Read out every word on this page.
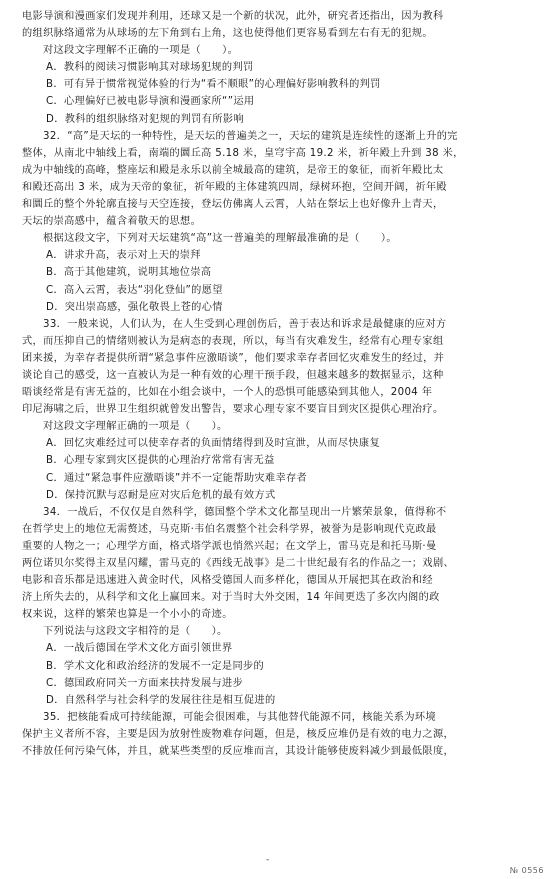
电影导演和漫画家们发现并利用，还球又是一个新的状况，此外，研究者还指出，因为教科
的组织脉络通常为从球场的左下角到右上角，这也使得他们更容易看到左右有无的犯规。
对这段文字理解不正确的一项是（　　）。
A．教科的阅读习惯影响其对球场犯规的判罚
B．可有异于惯常视觉体验的行为“看不顺眼”的心理偏好影响教科的判罚
C．心理偏好已被电影导演和漫画家所“”运用
D．教科的组织脉络对犯规的判罚有所影响
32．“高”是天坛的一种特性，是天坛的普遍美之一，天坛的建筑是连续性的逐渐上升的完
整体，从南北中轴线上看，南端的圜丘高 5.18 米，皇穹宇高 19.2 米，祈年殿上升到 38 米，
成为中轴线的高峰，整座坛和殿是永乐以前全城最高的建筑，是帝王的象征，而祈年殿比太
和殿还高出 3 米，成为天帝的象征，祈年殿的主体建筑四周，绿树环抱，空间开阔，祈年殿
和圜丘的整个外轮廓直接与天空连接，登坛仿佛离人云霄，人站在祭坛上也好像升上青天，
天坛的崇高感中，蕴含着敬天的思想。
根据这段文字，下列对天坛建筑“高”这一普遍美的理解最准确的是（　　）。
A．讲求升高，表示对上天的崇拜
B．高于其他建筑，说明其地位崇高
C．高入云霄，表达“羽化登仙”的愿望
D．突出崇高感，强化敬畏上苍的心情
33．一般来说，人们认为，在人生受到心理创伤后，善于表达和诉求是最健康的应对方
式，而压抑自己的情绪则被认为是病态的表现，所以，每当有灾难发生，经常有心理专家组
团来援，为幸存者提供所谓“紧急事件应激晤谈”，他们要求幸存者回忆灾难发生的经过，并
谈论自己的感受，这一直被认为是一种有效的心理干预手段，但越来越多的数据显示，这种
晤谈经常是有害无益的，比如在小组会谈中，一个人的恐惧可能感染到其他人，2004 年
印尼海啸之后，世界卫生组织就曾发出警告，要求心理专家不要盲目到灾区提供心理治疗。
对这段文字理解正确的一项是（　　）。
A．回忆灾难经过可以使幸存者的负面情绪得到及时宣泄，从而尽快康复
B．心理专家到灾区提供的心理治疗常常有害无益
C．通过“紧急事件应激晤谈”并不一定能帮助灾难幸存者
D．保持沉默与忍耐是应对灾后危机的最有效方式
34．一战后，不仅仅是自然科学，德国整个学术文化都呈现出一片繁荣景象，值得称不
在哲学史上的地位无需赘述，马克斯·韦伯名震整个社会科学界，被誉为是影响现代克政最
重要的人物之一；心理学方面，格式塔学派也悄然兴起；在文学上，雷马克是和托马斯·曼
两位诺贝尔奖得主双星闪耀，雷马克的《西线无战事》是二十世纪最有名的作品之一；戏剧、
电影和音乐都是迅速进入黄金时代，风格受德国人而多样化，德国从开展把其在政治和经
济上所失去的，从科学和文化上赢回来。对于当时大外交困，14 年间更迭了多次内阁的政
权来说，这样的繁荣也算是一个小小的奇迹。
下列说法与这段文字相符的是（　　）。
A．一战后德国在学术文化方面引领世界
B．学术文化和政治经济的发展不一定是同步的
C．德国政府同关一方面来扶持发展与进步
D．自然科学与社会科学的发展往往是相互促进的
35．把核能看成可持续能源，可能会很困难，与其他替代能源不同，核能关系为环境
保护主义者所不容，主要是因为放射性废物难存问题，但是，核反应堆仍是有效的电力之源，
不排放任何污染气体，并且，就某些类型的反应堆而言，其设计能够使废料减少到最低限度，
-
№ 0556
